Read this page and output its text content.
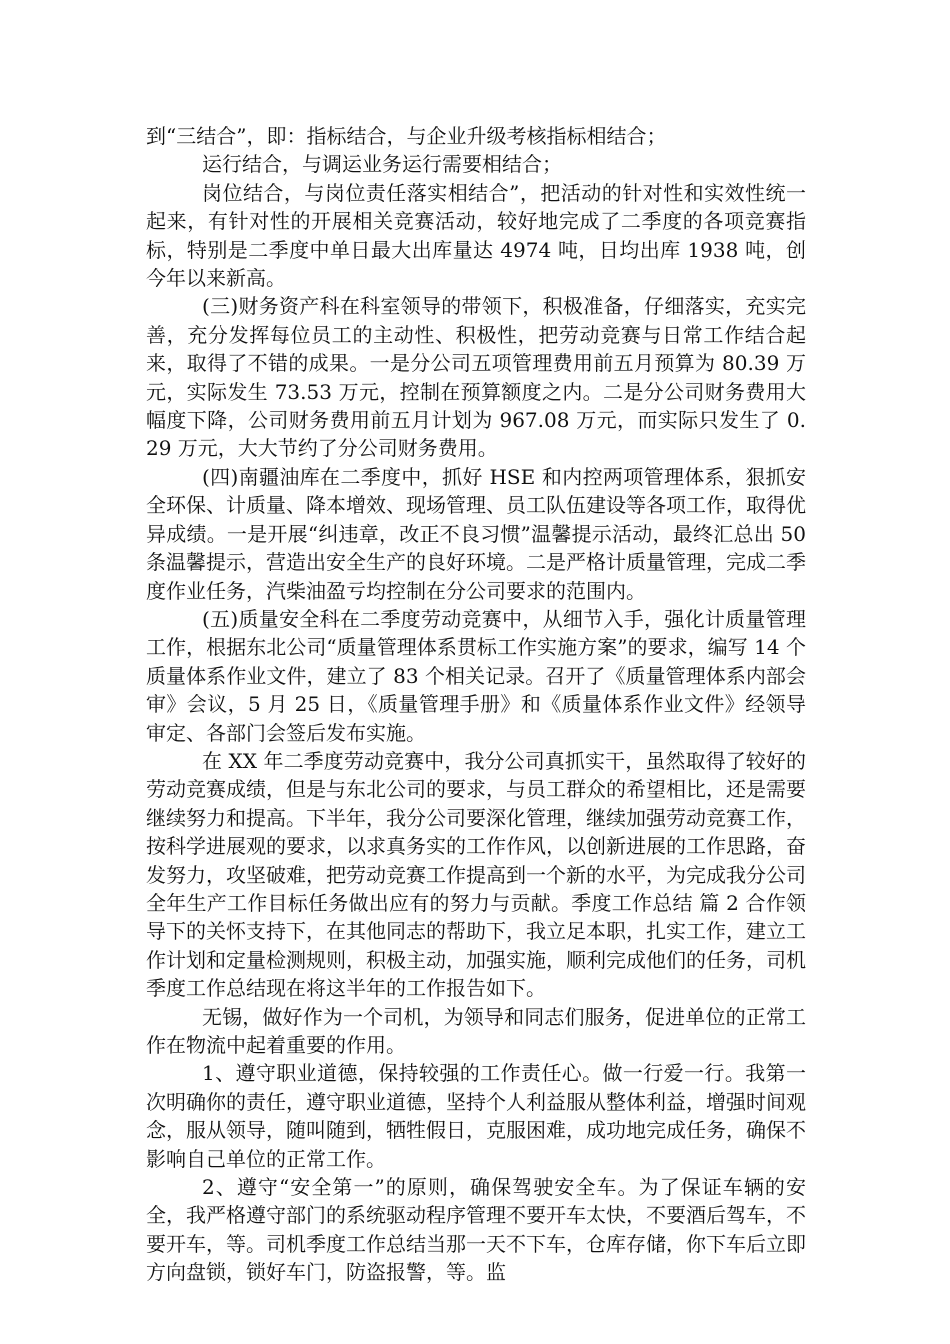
到“三结合”，即：指标结合，与企业升级考核指标相结合；

运行结合，与调运业务运行需要相结合；

岗位结合，与岗位责任落实相结合”，把活动的针对性和实效性统一起来，有针对性的开展相关竞赛活动，较好地完成了二季度的各项竞赛指标，特别是二季度中单日最大出库量达 4974 吨，日均出库 1938 吨，创今年以来新高。

(三)财务资产科在科室领导的带领下，积极准备，仔细落实，充实完善，充分发挥每位员工的主动性、积极性，把劳动竞赛与日常工作结合起来，取得了不错的成果。一是分公司五项管理费用前五月预算为 80.39 万元，实际发生 73.53 万元，控制在预算额度之内。二是分公司财务费用大幅度下降，公司财务费用前五月计划为 967.08 万元，而实际只发生了 0.29 万元，大大节约了分公司财务费用。

(四)南疆油库在二季度中，抓好 HSE 和内控两项管理体系，狠抓安全环保、计质量、降本增效、现场管理、员工队伍建设等各项工作，取得优异成绩。一是开展“纠违章，改正不良习惯”温馨提示活动，最终汇总出 50 条温馨提示，营造出安全生产的良好环境。二是严格计质量管理，完成二季度作业任务，汽柴油盈亏均控制在分公司要求的范围内。

(五)质量安全科在二季度劳动竞赛中，从细节入手，强化计质量管理工作，根据东北公司“质量管理体系贯标工作实施方案”的要求，编写 14 个质量体系作业文件，建立了 83 个相关记录。召开了《质量管理体系内部会审》会议，5 月 25 日，《质量管理手册》和《质量体系作业文件》经领导审定、各部门会签后发布实施。

在 XX 年二季度劳动竞赛中，我分公司真抓实干，虽然取得了较好的劳动竞赛成绩，但是与东北公司的要求，与员工群众的希望相比，还是需要继续努力和提高。下半年，我分公司要深化管理，继续加强劳动竞赛工作，按科学进展观的要求，以求真务实的工作作风，以创新进展的工作思路，奋发努力，攻坚破难，把劳动竞赛工作提高到一个新的水平，为完成我分公司全年生产工作目标任务做出应有的努力与贡献。季度工作总结 篇 2 合作领导下的关怀支持下，在其他同志的帮助下，我立足本职，扎实工作，建立工作计划和定量检测规则，积极主动，加强实施，顺利完成他们的任务，司机季度工作总结现在将这半年的工作报告如下。

无锡，做好作为一个司机，为领导和同志们服务，促进单位的正常工作在物流中起着重要的作用。

1、遵守职业道德，保持较强的工作责任心。做一行爱一行。我第一次明确你的责任，遵守职业道德，坚持个人利益服从整体利益，增强时间观念，服从领导，随叫随到，牺牲假日，克服困难，成功地完成任务，确保不影响自己单位的正常工作。

2、遵守“安全第一”的原则，确保驾驶安全车。为了保证车辆的安全，我严格遵守部门的系统驱动程序管理不要开车太快，不要酒后驾车，不要开车，等。司机季度工作总结当那一天不下车，仓库存储，你下车后立即方向盘锁，锁好车门，防盗报警，等。监
